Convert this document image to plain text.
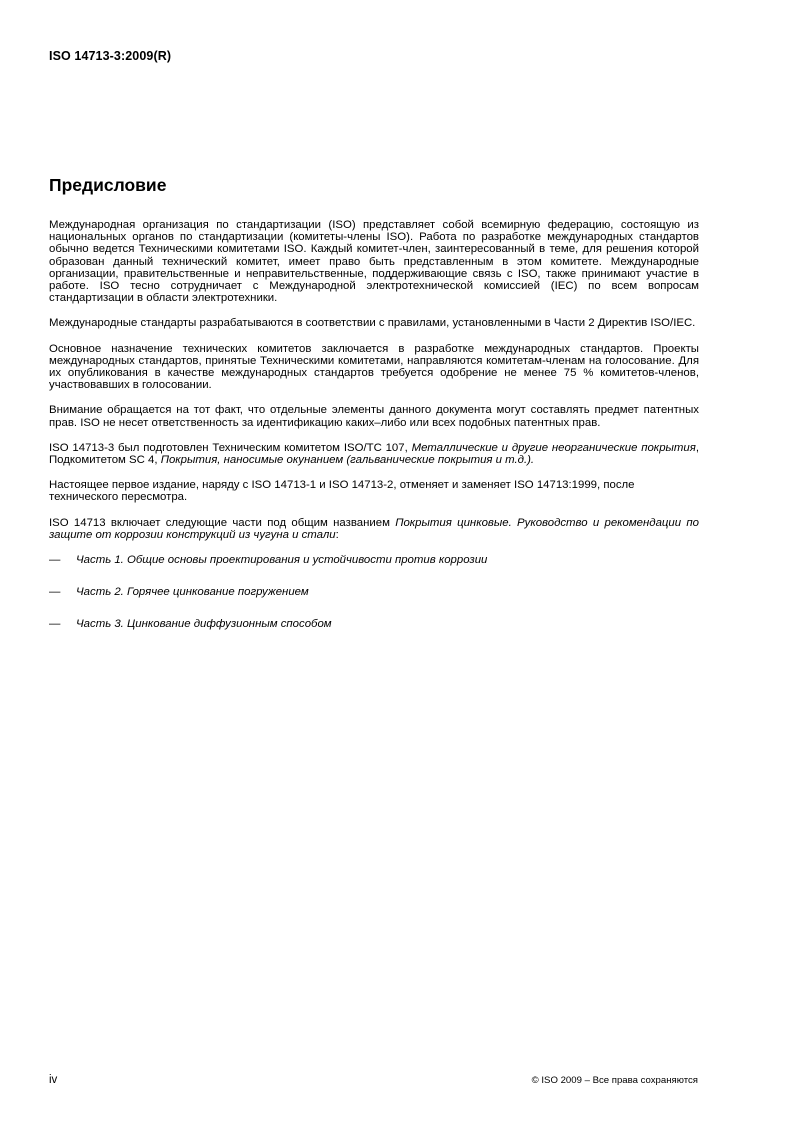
ISO 14713-3:2009(R)
Предисловие

Международная организация по стандартизации (ISO) представляет собой всемирную федерацию, состоящую из национальных органов по стандартизации (комитеты-члены ISO). Работа по разработке международных стандартов обычно ведется Техническими комитетами ISO. Каждый комитет-член, заинтересованный в теме, для решения которой образован данный технический комитет, имеет право быть представленным в этом комитете. Международные организации, правительственные и неправительственные, поддерживающие связь с ISO, также принимают участие в работе. ISO тесно сотрудничает с Международной электротехнической комиссией (IEC) по всем вопросам стандартизации в области электротехники.

Международные стандарты разрабатываются в соответствии с правилами, установленными в Части 2 Директив ISO/IEC.

Основное назначение технических комитетов заключается в разработке международных стандартов. Проекты международных стандартов, принятые Техническими комитетами, направляются комитетам-членам на голосование. Для их опубликования в качестве международных стандартов требуется одобрение не менее 75 % комитетов-членов, участвовавших в голосовании.

Внимание обращается на тот факт, что отдельные элементы данного документа могут составлять предмет патентных прав. ISO не несет ответственность за идентификацию каких–либо или всех подобных патентных прав.

ISO 14713-3 был подготовлен Техническим комитетом ISO/TC 107, Металлические и другие неорганические покрытия, Подкомитетом SC 4, Покрытия, наносимые окунанием (гальванические покрытия и т.д.).

Настоящее первое издание, наряду с ISO 14713-1 и ISO 14713-2, отменяет и заменяет ISO 14713:1999, после технического пересмотра.

ISO 14713 включает следующие части под общим названием Покрытия цинковые. Руководство и рекомендации по защите от коррозии конструкций из чугуна и стали:

—	Часть 1. Общие основы проектирования и устойчивости против коррозии
—	Часть 2. Горячее цинкование погружением
—	Часть 3. Цинкование диффузионным способом
iv	© ISO 2009 – Все права сохраняются
